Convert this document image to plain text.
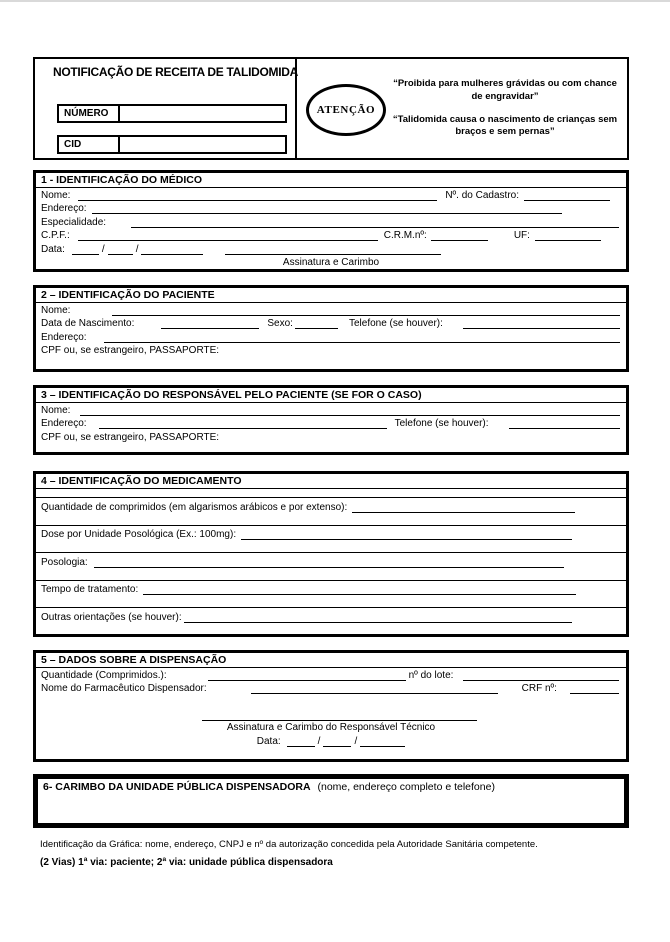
NOTIFICAÇÃO DE RECEITA DE TALIDOMIDA
NÚMERO
CID
ATENÇÃO
“Proibida para mulheres grávidas ou com chance de engravidar”
“Talidomida causa o nascimento de crianças sem braços e sem pernas”
1 - IDENTIFICAÇÃO DO MÉDICO
Nome:	Nº. do Cadastro:
Endereço:
Especialidade:
C.P.F.:	C.R.M.nº:	UF:
Data:	/	/
Assinatura e Carimbo
2 – IDENTIFICAÇÃO DO PACIENTE
Nome:
Data de Nascimento:	Sexo:	Telefone (se houver):
Endereço:
CPF ou, se estrangeiro, PASSAPORTE:
3 – IDENTIFICAÇÃO DO RESPONSÁVEL PELO PACIENTE (SE FOR O CASO)
Nome:
Endereço:	Telefone (se houver):
CPF ou, se estrangeiro, PASSAPORTE:
4 – IDENTIFICAÇÃO DO MEDICAMENTO
Quantidade de comprimidos (em algarismos arábicos e por extenso):
Dose por Unidade Posológica (Ex.: 100mg):
Posologia:
Tempo de tratamento:
Outras orientações (se houver):
5 – DADOS SOBRE A DISPENSAÇÃO
Quantidade (Comprimidos.):	nº do lote:
Nome do Farmacêutico Dispensador:	CRF nº:
Assinatura e Carimbo do Responsável Técnico
Data:	/	/
6- CARIMBO DA UNIDADE PÚBLICA DISPENSADORA (nome, endereço completo e telefone)
Identificação da Gráfica: nome, endereço, CNPJ e nº da autorização concedida pela Autoridade Sanitária competente.
(2 Vias) 1ª via: paciente; 2ª via: unidade pública dispensadora
